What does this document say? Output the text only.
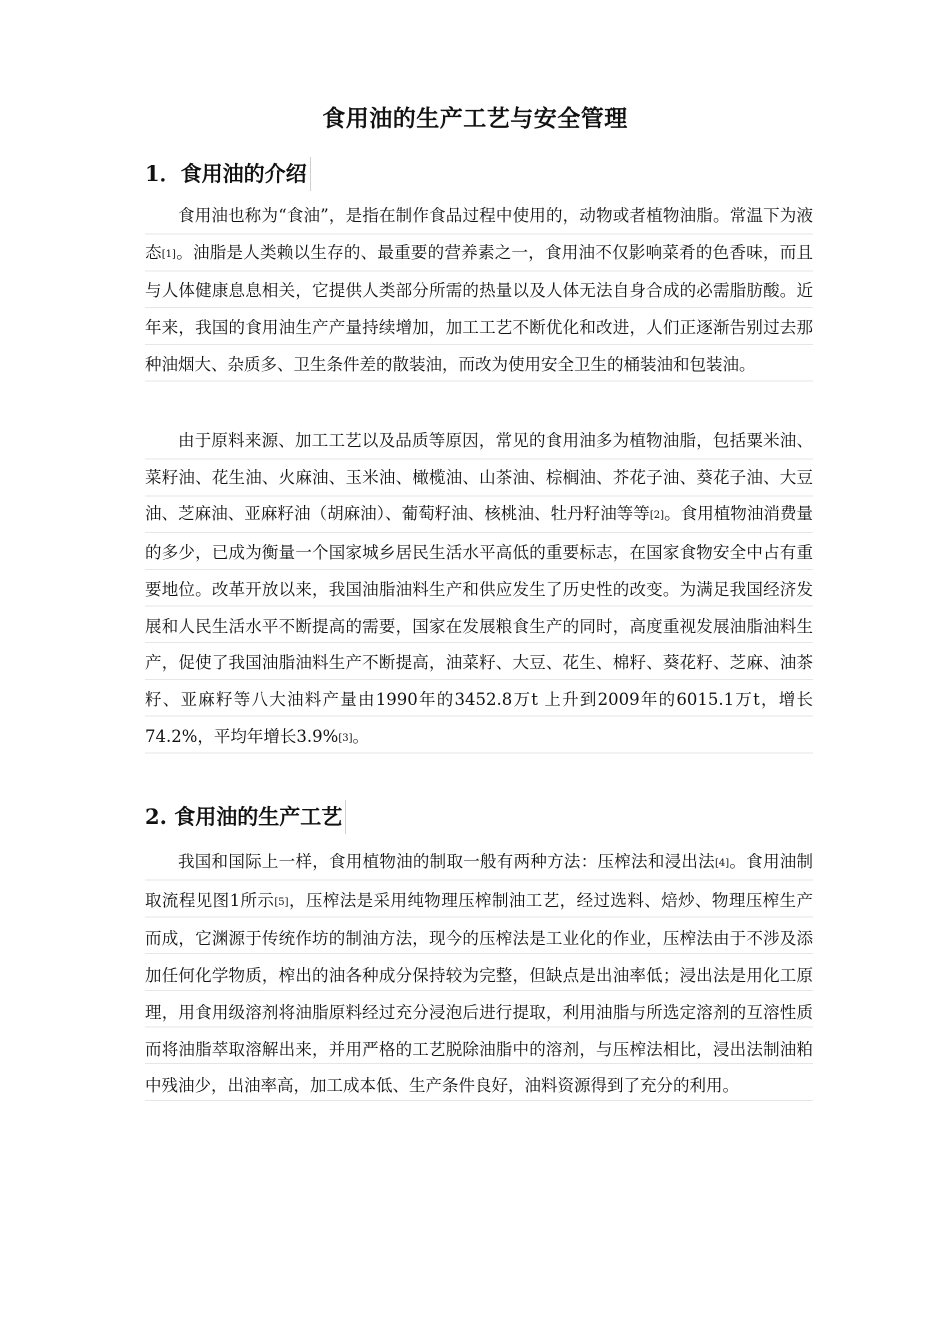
食用油的生产工艺与安全管理
1．食用油的介绍

食用油也称为“食油”，是指在制作食品过程中使用的，动物或者植物油脂。常温下为液态[1]。油脂是人类赖以生存的、最重要的营养素之一，食用油不仅影响菜肴的色香味，而且与人体健康息息相关，它提供人类部分所需的热量以及人体无法自身合成的必需脂肪酸。近年来，我国的食用油生产产量持续增加，加工工艺不断优化和改进，人们正逐渐告别过去那种油烟大、杂质多、卫生条件差的散装油，而改为使用安全卫生的桶装油和包装油。

由于原料来源、加工工艺以及品质等原因，常见的食用油多为植物油脂，包括粟米油、菜籽油、花生油、火麻油、玉米油、橄榄油、山茶油、棕榈油、芥花子油、葵花子油、大豆油、芝麻油、亚麻籽油（胡麻油）、葡萄籽油、核桃油、牡丹籽油等等[2]。食用植物油消费量的多少，已成为衡量一个国家城乡居民生活水平高低的重要标志，在国家食物安全中占有重要地位。改革开放以来，我国油脂油料生产和供应发生了历史性的改变。为满足我国经济发展和人民生活水平不断提高的需要，国家在发展粮食生产的同时，高度重视发展油脂油料生产，促使了我国油脂油料生产不断提高，油菜籽、大豆、花生、棉籽、葵花籽、芝麻、油茶籽、亚麻籽等八大油料产量由1990年的3452.8万t 上升到2009年的6015.1万t，增长74.2%，平均年增长3.9%[3]。

2. 食用油的生产工艺

我国和国际上一样，食用植物油的制取一般有两种方法：压榨法和浸出法[4]。食用油制取流程见图1所示[5]，压榨法是采用纯物理压榨制油工艺，经过选料、焙炒、物理压榨生产而成，它渊源于传统作坊的制油方法，现今的压榨法是工业化的作业，压榨法由于不涉及添加任何化学物质，榨出的油各种成分保持较为完整，但缺点是出油率低；浸出法是用化工原理，用食用级溶剂将油脂原料经过充分浸泡后进行提取，利用油脂与所选定溶剂的互溶性质而将油脂萃取溶解出来，并用严格的工艺脱除油脂中的溶剂，与压榨法相比，浸出法制油粕中残油少，出油率高，加工成本低、生产条件良好，油料资源得到了充分的利用。
